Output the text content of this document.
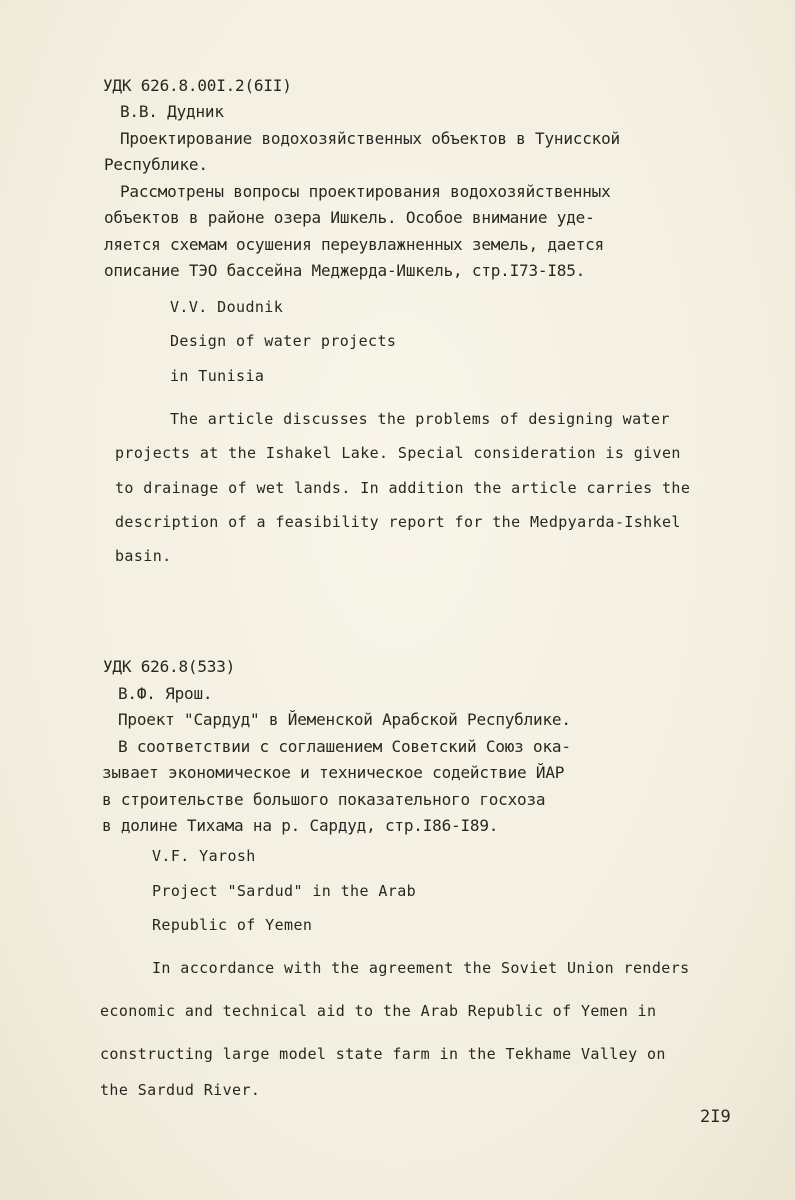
УДК 626.8.00I.2(6II)
В.В. Дудник
Проектирование водохозяйственных объектов в Тунисской
Республике.
Рассмотрены вопросы проектирования водохозяйственных
объектов в районе озера Ишкель. Особое внимание уде-
ляется схемам осушения переувлажненных земель, дается
описание ТЭО бассейна Меджерда-Ишкель, стр.I73-I85.
V.V. Doudnik
Design of water projects
in Tunisia
The article discusses the problems of designing water
projects at the Ishakel Lake. Special consideration is given
to drainage of wet lands. In addition the article carries the
description of a feasibility report for the Medpyarda-Ishkel
basin.
УДК 626.8(533)
В.Ф. Ярош.
Проект "Сардуд" в Йеменской Арабской Республике.
В соответствии с соглашением Советский Союз ока-
зывает экономическое и техническое содействие ЙАР
в строительстве большого показательного госхоза
в долине Тихама на р. Сардуд, стр.I86-I89.
V.F. Yarosh
Project "Sardud" in the Arab
Republic of Yemen
In accordance with the agreement the Soviet Union renders
economic and technical aid to the Arab Republic of Yemen in
constructing large model state farm in the Tekhame Valley on
the Sardud River.
2I9
